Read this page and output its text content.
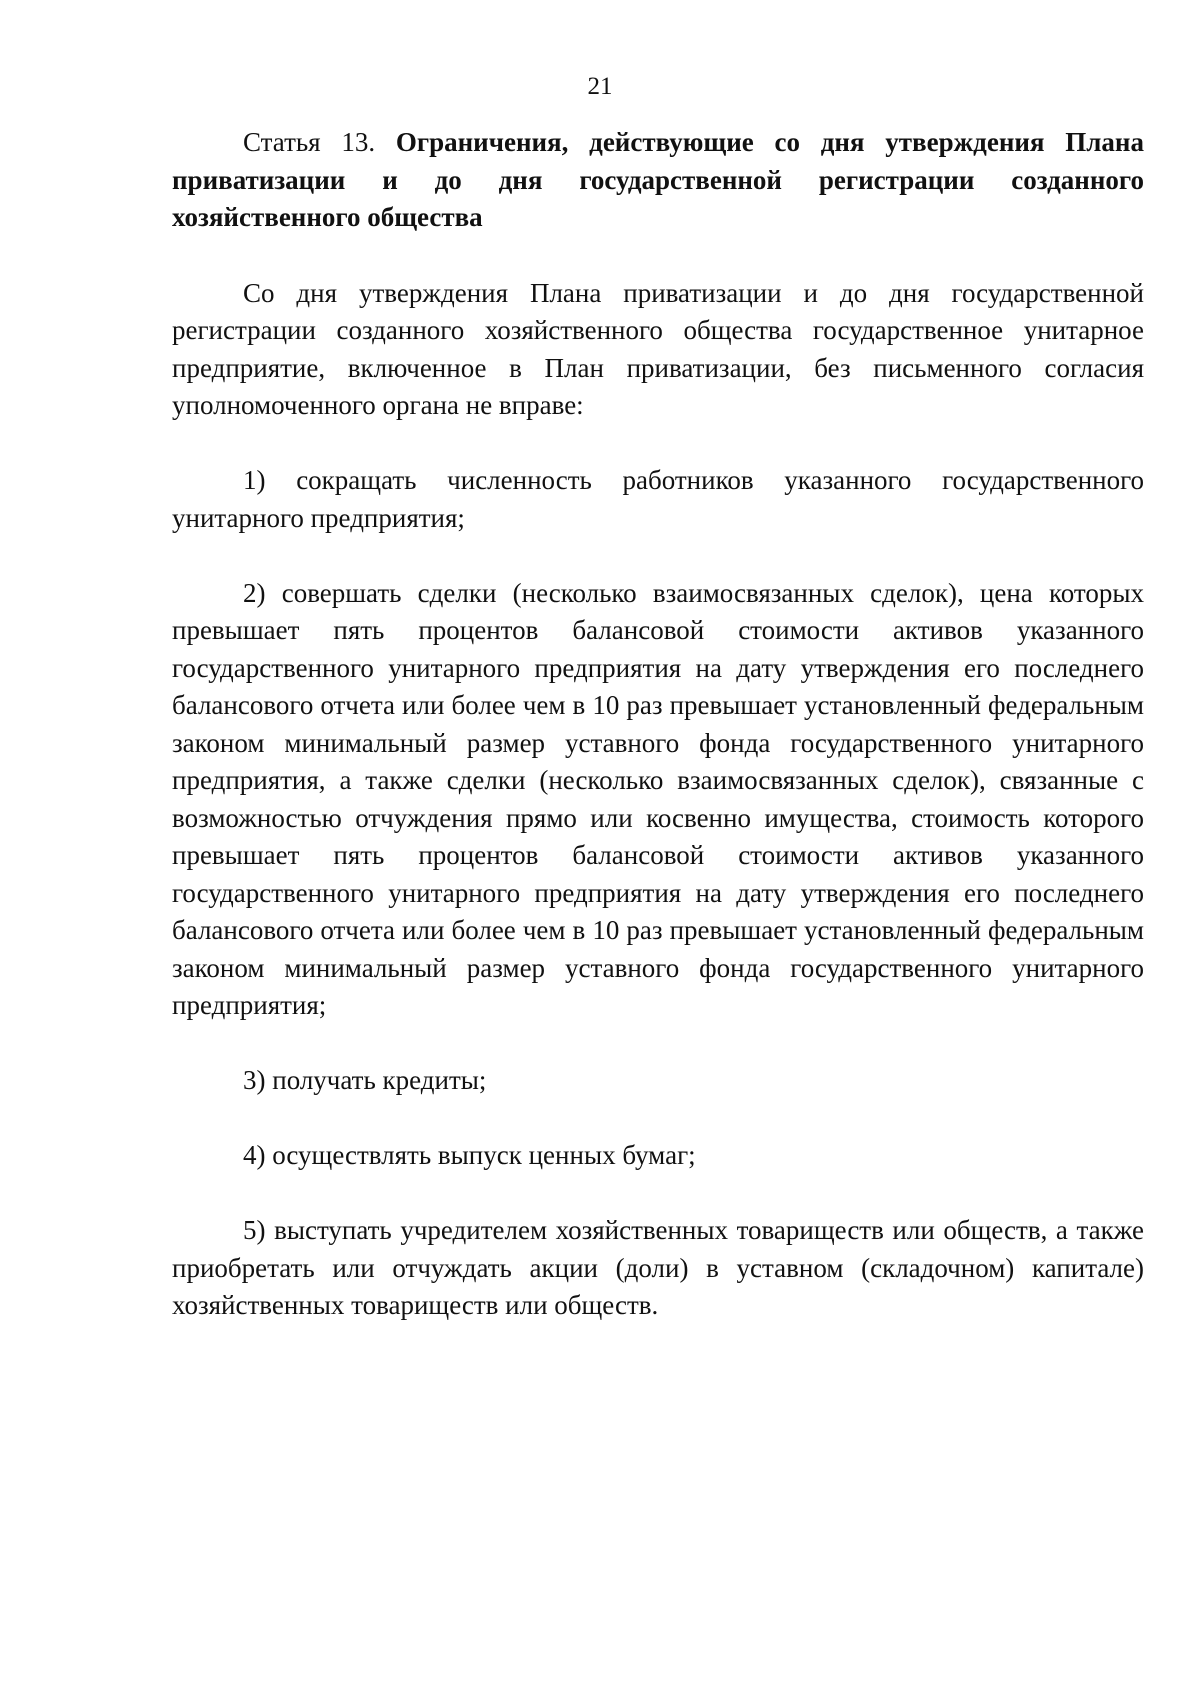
21
Статья 13. Ограничения, действующие со дня утверждения Плана приватизации и до дня государственной регистрации созданного хозяйственного общества

Со дня утверждения Плана приватизации и до дня государственной регистрации созданного хозяйственного общества государственное унитарное предприятие, включенное в План приватизации, без письменного согласия уполномоченного органа не вправе:

1) сокращать численность работников указанного государственного унитарного предприятия;

2) совершать сделки (несколько взаимосвязанных сделок), цена которых превышает пять процентов балансовой стоимости активов указанного государственного унитарного предприятия на дату утверждения его последнего балансового отчета или более чем в 10 раз превышает установленный федеральным законом минимальный размер уставного фонда государственного унитарного предприятия, а также сделки (несколько взаимосвязанных сделок), связанные с возможностью отчуждения прямо или косвенно имущества, стоимость которого превышает пять процентов балансовой стоимости активов указанного государственного унитарного предприятия на дату утверждения его последнего балансового отчета или более чем в 10 раз превышает установленный федеральным законом минимальный размер уставного фонда государственного унитарного предприятия;

3) получать кредиты;

4) осуществлять выпуск ценных бумаг;

5) выступать учредителем хозяйственных товариществ или обществ, а также приобретать или отчуждать акции (доли) в уставном (складочном) капитале) хозяйственных товариществ или обществ.
